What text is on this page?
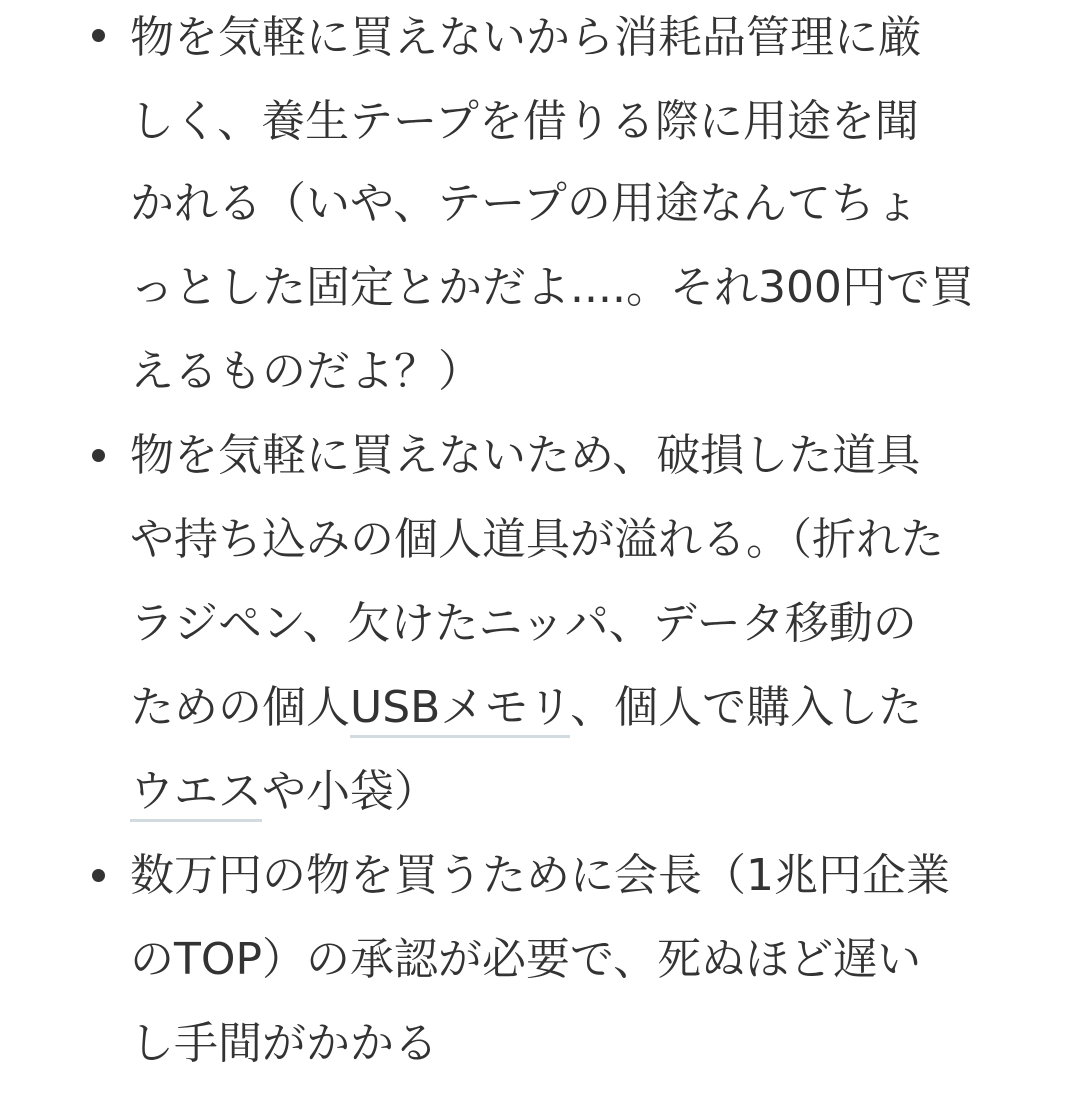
物を気軽に買えないから消耗品管理に厳
しく、養生テープを借りる際に用途を聞
かれる（いや、テープの用途なんてちょ
っとした固定とかだよ....。それ300円で買
えるものだよ？）
物を気軽に買えないため、破損した道具
や持ち込みの個人道具が溢れる。（折れた
ラジペン、欠けたニッパ、データ移動の
ための個人USBメモリ、個人で購入した
ウエスや小袋）
数万円の物を買うために会長（1兆円企業
のTOP）の承認が必要で、死ぬほど遅い
し手間がかかる
